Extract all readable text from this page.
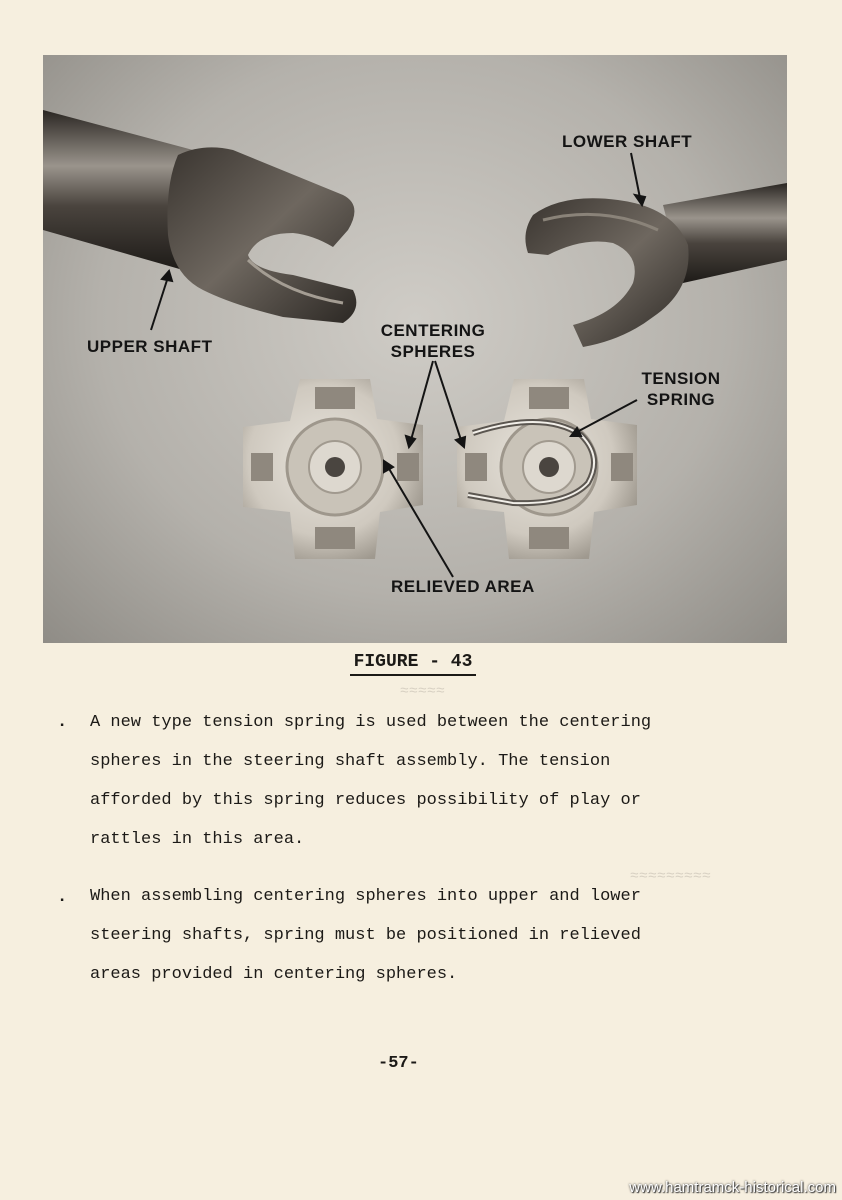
LOWER SHAFT
UPPER SHAFT
CENTERING SPHERES
TENSION SPRING
RELIEVED AREA
FIGURE - 43
≈≈≈≈≈
≈≈≈≈≈≈≈≈≈
. A new type tension spring is used between the centering
spheres in the steering shaft assembly. The tension
afforded by this spring reduces possibility of play or
rattles in this area.
. When assembling centering spheres into upper and lower
steering shafts, spring must be positioned in relieved
areas provided in centering spheres.
-57-
www.hamtramck-historical.com
